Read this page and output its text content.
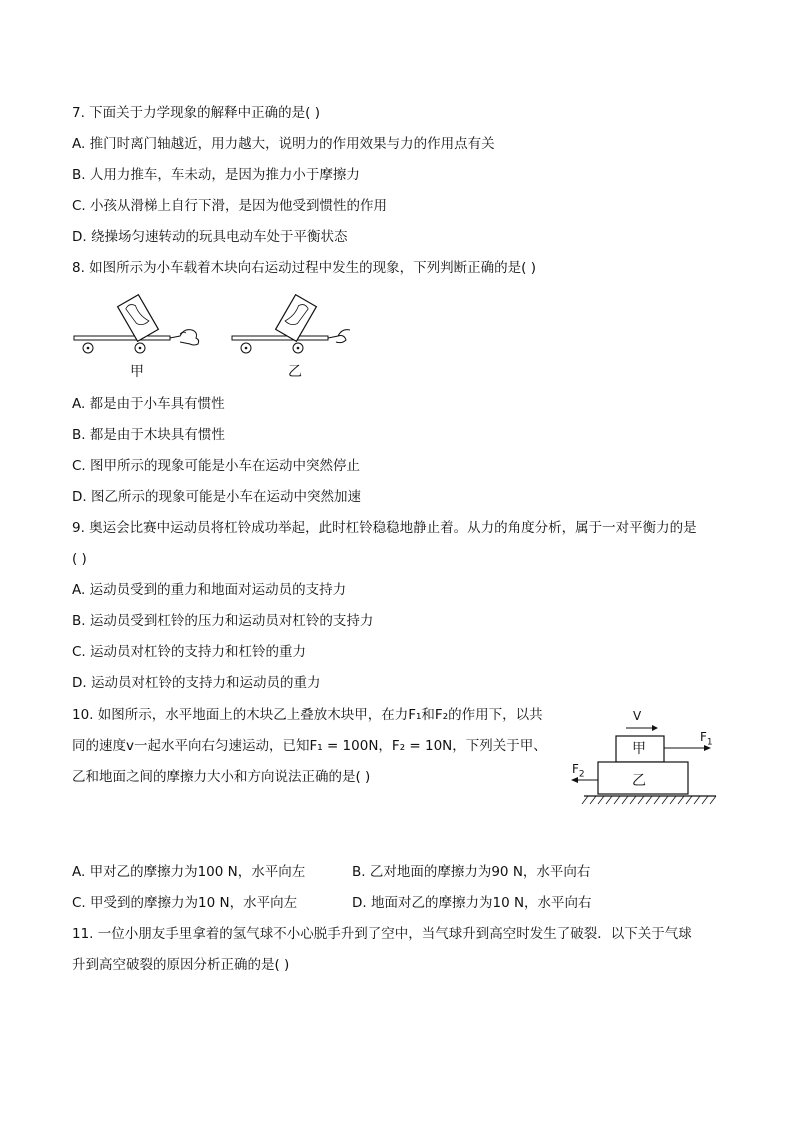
7. 下面关于力学现象的解释中正确的是( )
A. 推门时离门轴越近，用力越大，说明力的作用效果与力的作用点有关
B. 人用力推车，车未动，是因为推力小于摩擦力
C. 小孩从滑梯上自行下滑，是因为他受到惯性的作用
D. 绕操场匀速转动的玩具电动车处于平衡状态
8. 如图所示为小车载着木块向右运动过程中发生的现象，下列判断正确的是( )
甲	乙
A. 都是由于小车具有惯性
B. 都是由于木块具有惯性
C. 图甲所示的现象可能是小车在运动中突然停止
D. 图乙所示的现象可能是小车在运动中突然加速
9. 奥运会比赛中运动员将杠铃成功举起，此时杠铃稳稳地静止着。从力的角度分析，属于一对平衡力的是
( )
A. 运动员受到的重力和地面对运动员的支持力
B. 运动员受到杠铃的压力和运动员对杠铃的支持力
C. 运动员对杠铃的支持力和杠铃的重力
D. 运动员对杠铃的支持力和运动员的重力
10. 如图所示，水平地面上的木块乙上叠放木块甲，在力F₁和F₂的作用下，以共
同的速度v一起水平向右匀速运动，已知F₁ = 100N，F₂ = 10N，下列关于甲、
乙和地面之间的摩擦力大小和方向说法正确的是( )
V
甲
乙
$F_1$
$F_2$
A. 甲对乙的摩擦力为100 N，水平向左	B. 乙对地面的摩擦力为90 N，水平向右
C. 甲受到的摩擦力为10 N，水平向左	D. 地面对乙的摩擦力为10 N，水平向右
11. 一位小朋友手里拿着的氢气球不小心脱手升到了空中，当气球升到高空时发生了破裂．以下关于气球
升到高空破裂的原因分析正确的是( )
